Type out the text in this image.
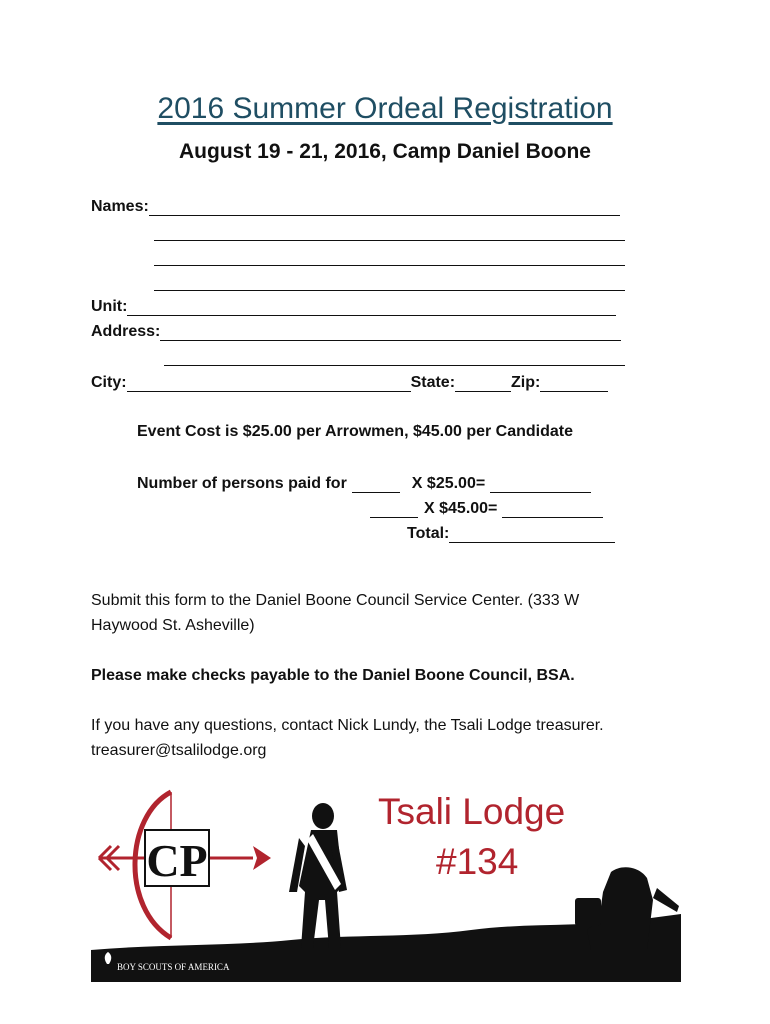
2016 Summer Ordeal Registration
August 19 - 21, 2016, Camp Daniel Boone
Names:
Unit:
Address:
City:	State:	Zip:
Event Cost is $25.00 per Arrowmen, $45.00 per Candidate
Number of persons paid for	X $25.00=
X $45.00=
Total:
Submit this form to the Daniel Boone Council Service Center. (333 W
Haywood St. Asheville)
Please make checks payable to the Daniel Boone Council, BSA.
If you have any questions, contact Nick Lundy, the Tsali Lodge treasurer.
treasurer@tsalilodge.org
CP
Tsali Lodge
#134
BOY SCOUTS OF AMERICA
